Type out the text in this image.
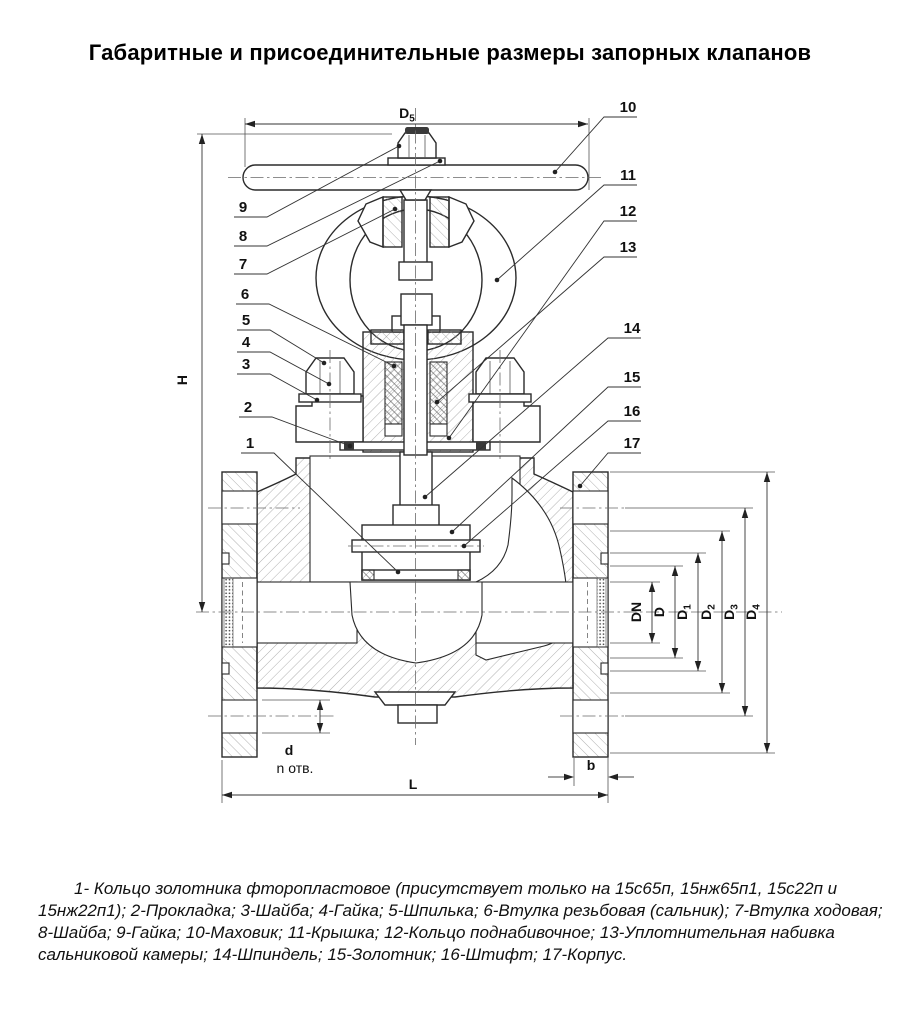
Габаритные и присоединительные размеры запорных клапанов
$D_5$
H
DN D $D_1$
$D_2$
$D_3$
$D_4$
d
n отв.
L
b
9
8
7
6
5
4
3
2
1
10
11
12
13
14
15
16
17
1- Кольцо золотника фторопластовое (присутствует только на 15с65п, 15нж65п1, 15с22п и
15нж22п1); 2-Прокладка; 3-Шайба; 4-Гайка; 5-Шпилька; 6-Втулка резьбовая (сальник); 7-Втулка ходовая;
8-Шайба; 9-Гайка; 10-Маховик; 11-Крышка; 12-Кольцо поднабивочное; 13-Уплотнительная набивка
сальниковой камеры; 14-Шпиндель; 15-Золотник; 16-Штифт; 17-Корпус.
